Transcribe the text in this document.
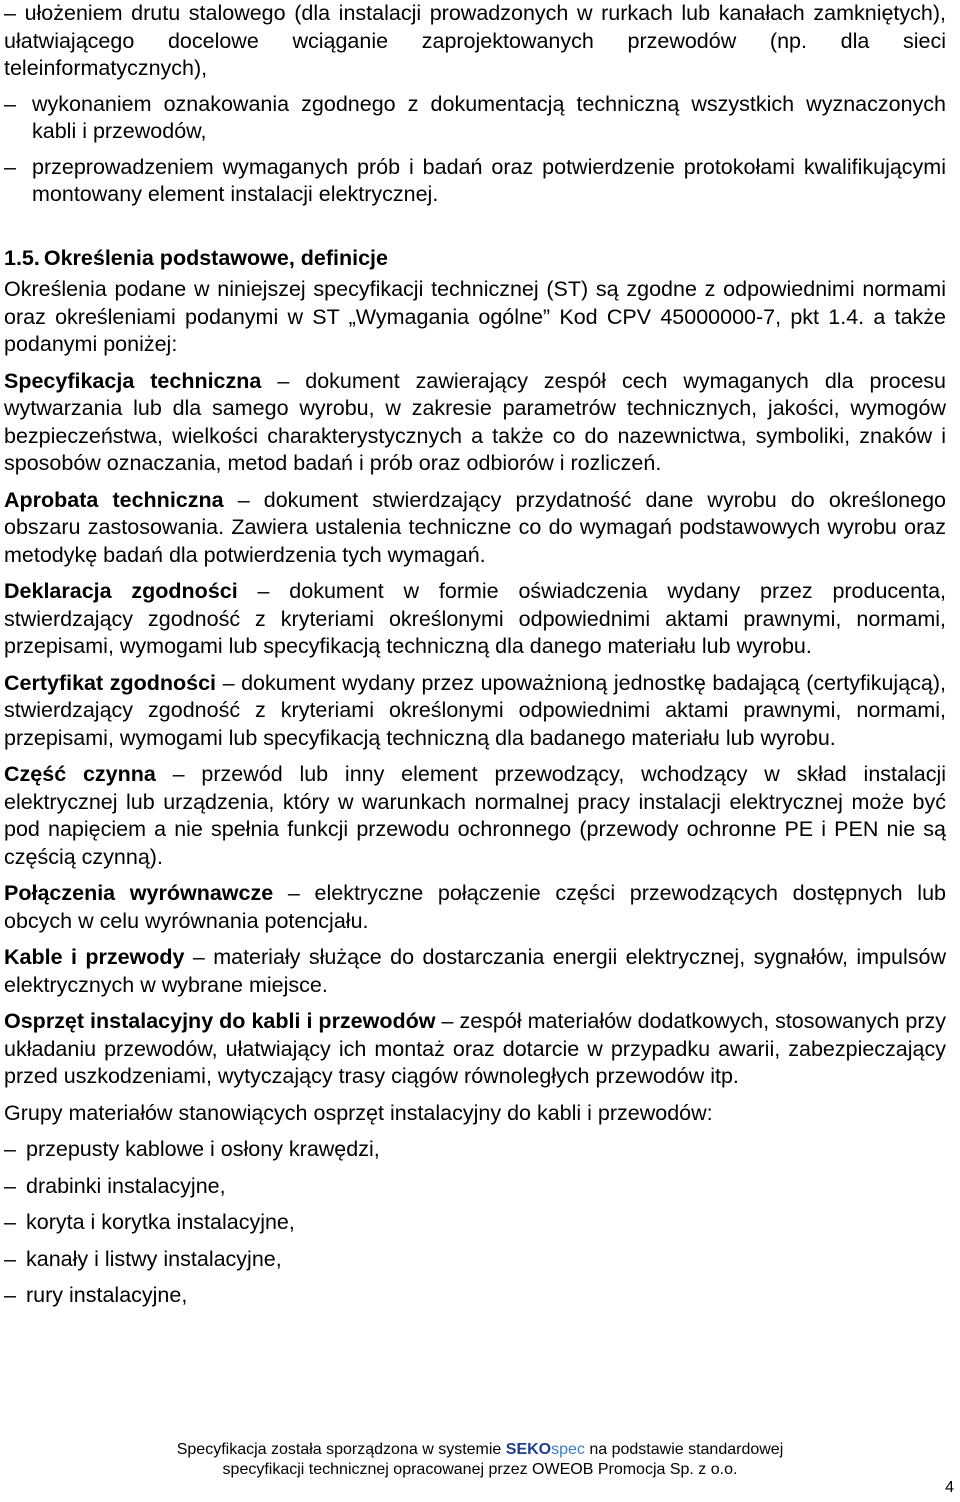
– ułożeniem drutu stalowego (dla instalacji prowadzonych w rurkach lub kanałach zamkniętych), ułatwiającego docelowe wciąganie zaprojektowanych przewodów (np. dla sieci teleinformatycznych),

– wykonaniem oznakowania zgodnego z dokumentacją techniczną wszystkich wyznaczonych kabli i przewodów,
– przeprowadzeniem wymaganych prób i badań oraz potwierdzenie protokołami kwalifikującymi montowany element instalacji elektrycznej.
1.5. Określenia podstawowe, definicje

Określenia podane w niniejszej specyfikacji technicznej (ST) są zgodne z odpowiednimi normami oraz określeniami podanymi w ST „Wymagania ogólne” Kod CPV 45000000-7, pkt 1.4. a także podanymi poniżej:

Specyfikacja techniczna – dokument zawierający zespół cech wymaganych dla procesu wytwarzania lub dla samego wyrobu, w zakresie parametrów technicznych, jakości, wymogów bezpieczeństwa, wielkości charakterystycznych a także co do nazewnictwa, symboliki, znaków i sposobów oznaczania, metod badań i prób oraz odbiorów i rozliczeń.

Aprobata techniczna – dokument stwierdzający przydatność dane wyrobu do określonego obszaru zastosowania. Zawiera ustalenia techniczne co do wymagań podstawowych wyrobu oraz metodykę badań dla potwierdzenia tych wymagań.

Deklaracja zgodności – dokument w formie oświadczenia wydany przez producenta, stwierdzający zgodność z kryteriami określonymi odpowiednimi aktami prawnymi, normami, przepisami, wymogami lub specyfikacją techniczną dla danego materiału lub wyrobu.

Certyfikat zgodności – dokument wydany przez upoważnioną jednostkę badającą (certyfikującą), stwierdzający zgodność z kryteriami określonymi odpowiednimi aktami prawnymi, normami, przepisami, wymogami lub specyfikacją techniczną dla badanego materiału lub wyrobu.

Część czynna – przewód lub inny element przewodzący, wchodzący w skład instalacji elektrycznej lub urządzenia, który w warunkach normalnej pracy instalacji elektrycznej może być pod napięciem a nie spełnia funkcji przewodu ochronnego (przewody ochronne PE i PEN nie są częścią czynną).

Połączenia wyrównawcze – elektryczne połączenie części przewodzących dostępnych lub obcych w celu wyrównania potencjału.

Kable i przewody – materiały służące do dostarczania energii elektrycznej, sygnałów, impulsów elektrycznych w wybrane miejsce.

Osprzęt instalacyjny do kabli i przewodów – zespół materiałów dodatkowych, stosowanych przy układaniu przewodów, ułatwiający ich montaż oraz dotarcie w przypadku awarii, zabezpieczający przed uszkodzeniami, wytyczający trasy ciągów równoległych przewodów itp.

Grupy materiałów stanowiących osprzęt instalacyjny do kabli i przewodów:

– przepusty kablowe i osłony krawędzi,
– drabinki instalacyjne,
– koryta i korytka instalacyjne,
– kanały i listwy instalacyjne,
– rury instalacyjne,
Specyfikacja została sporządzona w systemie SEKOspec na podstawie standardowej
specyfikacji technicznej opracowanej przez OWEOB Promocja Sp. z o.o.
4
